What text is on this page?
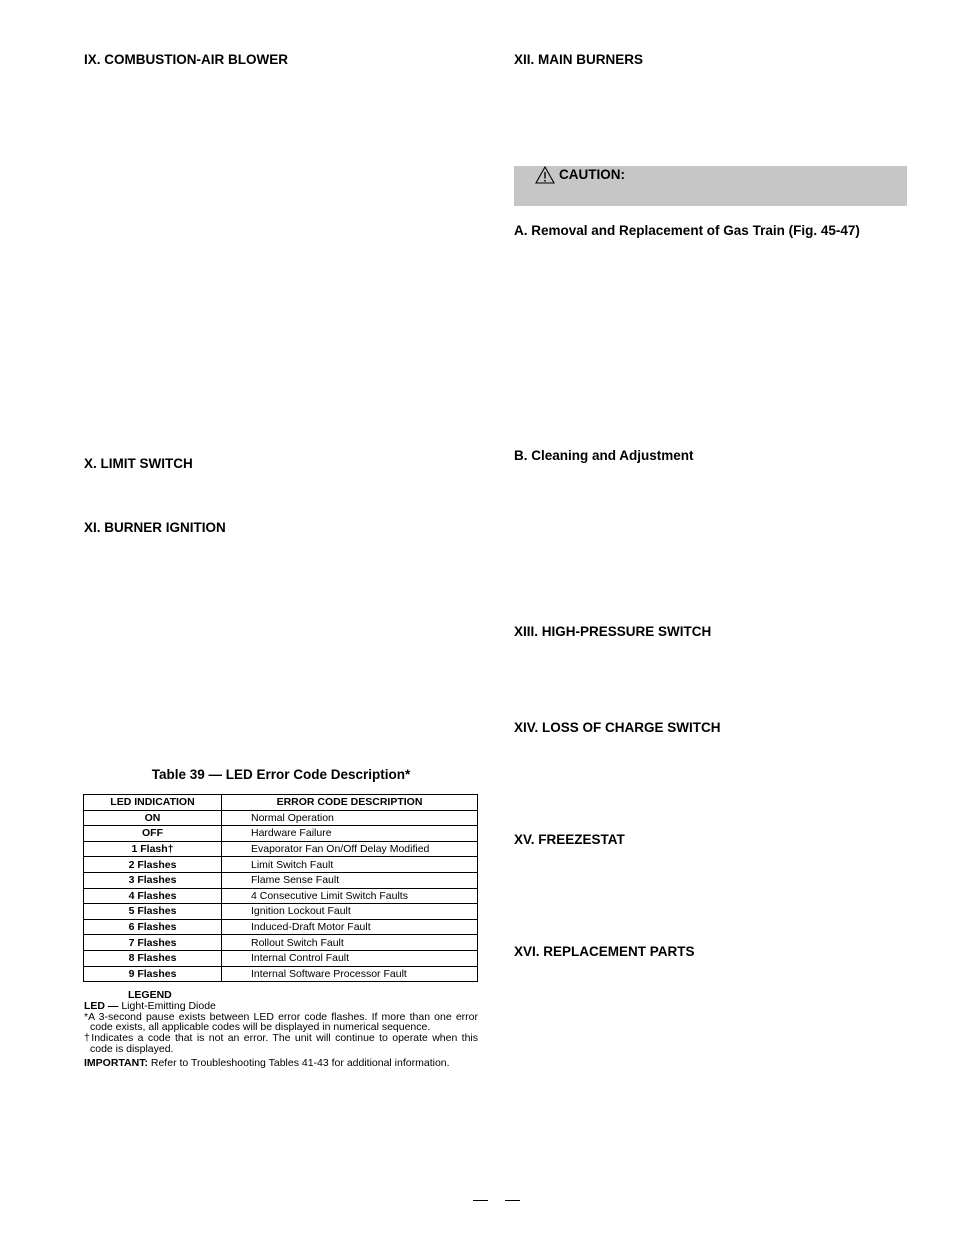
IX. COMBUSTION-AIR BLOWER
X. LIMIT SWITCH
XI. BURNER IGNITION
Table 39 — LED Error Code Description*
LED INDICATION	ERROR CODE DESCRIPTION
ON	Normal Operation
OFF	Hardware Failure
1 Flash†	Evaporator Fan On/Off Delay Modified
2 Flashes	Limit Switch Fault
3 Flashes	Flame Sense Fault
4 Flashes	4 Consecutive Limit Switch Faults
5 Flashes	Ignition Lockout Fault
6 Flashes	Induced-Draft Motor Fault
7 Flashes	Rollout Switch Fault
8 Flashes	Internal Control Fault
9 Flashes	Internal Software Processor Fault
LEGEND
LED — Light-Emitting Diode
*A 3-second pause exists between LED error code flashes. If more than one error code exists, all applicable codes will be displayed in numerical sequence.
†Indicates a code that is not an error. The unit will continue to operate when this code is displayed.
IMPORTANT: Refer to Troubleshooting Tables 41-43 for additional information.
XII. MAIN BURNERS
CAUTION:
A. Removal and Replacement of Gas Train (Fig. 45-47)
B. Cleaning and Adjustment
XIII. HIGH-PRESSURE SWITCH
XIV. LOSS OF CHARGE SWITCH
XV. FREEZESTAT
XVI. REPLACEMENT PARTS
